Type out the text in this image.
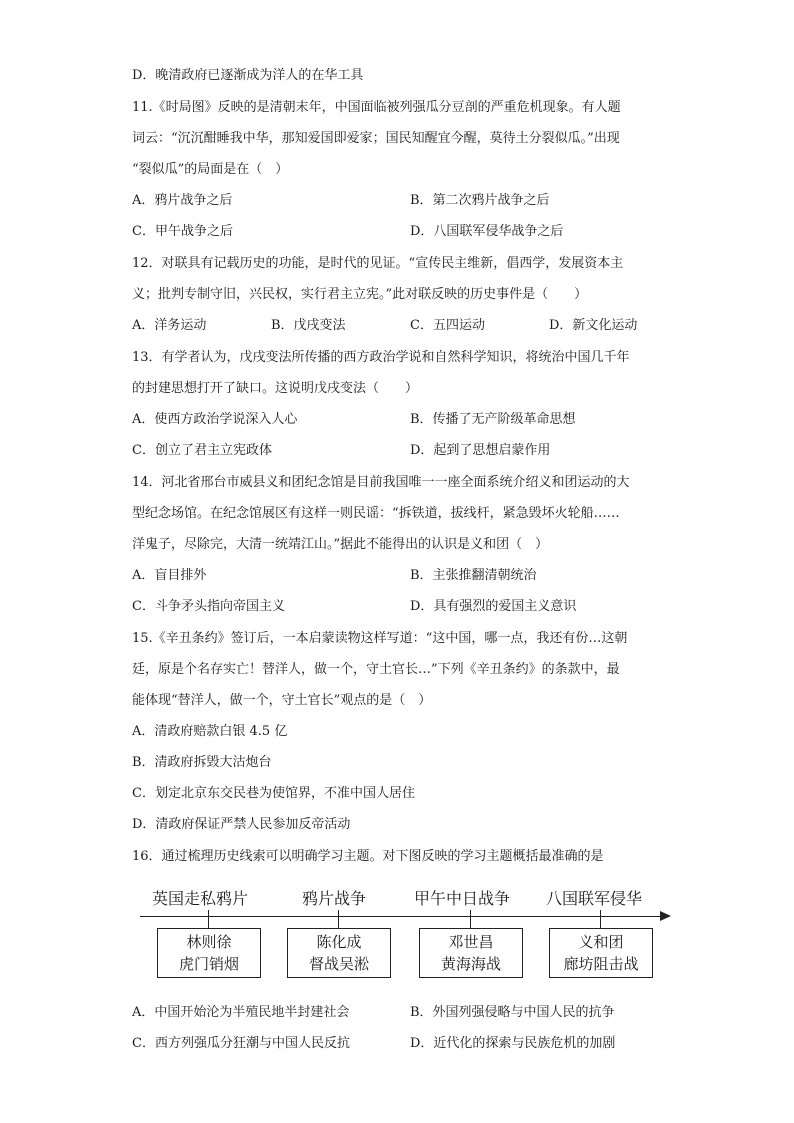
D．晚清政府已逐渐成为洋人的在华工具
11.《时局图》反映的是清朝末年，中国面临被列强瓜分豆剖的严重危机现象。有人题
词云：“沉沉酣睡我中华，那知爱国即爱家；国民知醒宜今醒，莫待土分裂似瓜。”出现
“裂似瓜”的局面是在（　）
A．鸦片战争之后	B．第二次鸦片战争之后
C．甲午战争之后	D．八国联军侵华战争之后
12．对联具有记载历史的功能，是时代的见证。“宣传民主维新，倡西学，发展资本主
义；批判专制守旧，兴民权，实行君主立宪。”此对联反映的历史事件是（　　）
A．洋务运动	B．戊戌变法	C．五四运动	D．新文化运动
13．有学者认为，戊戌变法所传播的西方政治学说和自然科学知识，将统治中国几千年
的封建思想打开了缺口。这说明戊戌变法（　　）
A．使西方政治学说深入人心	B．传播了无产阶级革命思想
C．创立了君主立宪政体	D．起到了思想启蒙作用
14．河北省邢台市威县义和团纪念馆是目前我国唯一一座全面系统介绍义和团运动的大
型纪念场馆。在纪念馆展区有这样一则民谣：“拆铁道，拔线杆，紧急毁坏火轮船……
洋鬼子，尽除完，大清一统靖江山。”据此不能得出的认识是义和团（　）
A．盲目排外	B．主张推翻清朝统治
C．斗争矛头指向帝国主义	D．具有强烈的爱国主义意识
15.《辛丑条约》签订后，一本启蒙读物这样写道：“这中国，哪一点，我还有份…这朝
廷，原是个名存实亡！替洋人，做一个，守土官长…”下列《辛丑条约》的条款中，最
能体现“替洋人，做一个，守土官长”观点的是（　）
A．清政府赔款白银 4.5 亿
B．清政府拆毁大沽炮台
C．划定北京东交民巷为使馆界，不准中国人居住
D．清政府保证严禁人民参加反帝活动
16．通过梳理历史线索可以明确学习主题。对下图反映的学习主题概括最准确的是
英国走私鸦片	鸦片战争	甲午中日战争 八国联军侵华
林则徐
虎门销烟
陈化成
督战吴淞
邓世昌
黄海海战
义和团
廊坊阻击战
A．中国开始沦为半殖民地半封建社会	B．外国列强侵略与中国人民的抗争
C．西方列强瓜分狂潮与中国人民反抗	D．近代化的探索与民族危机的加剧
